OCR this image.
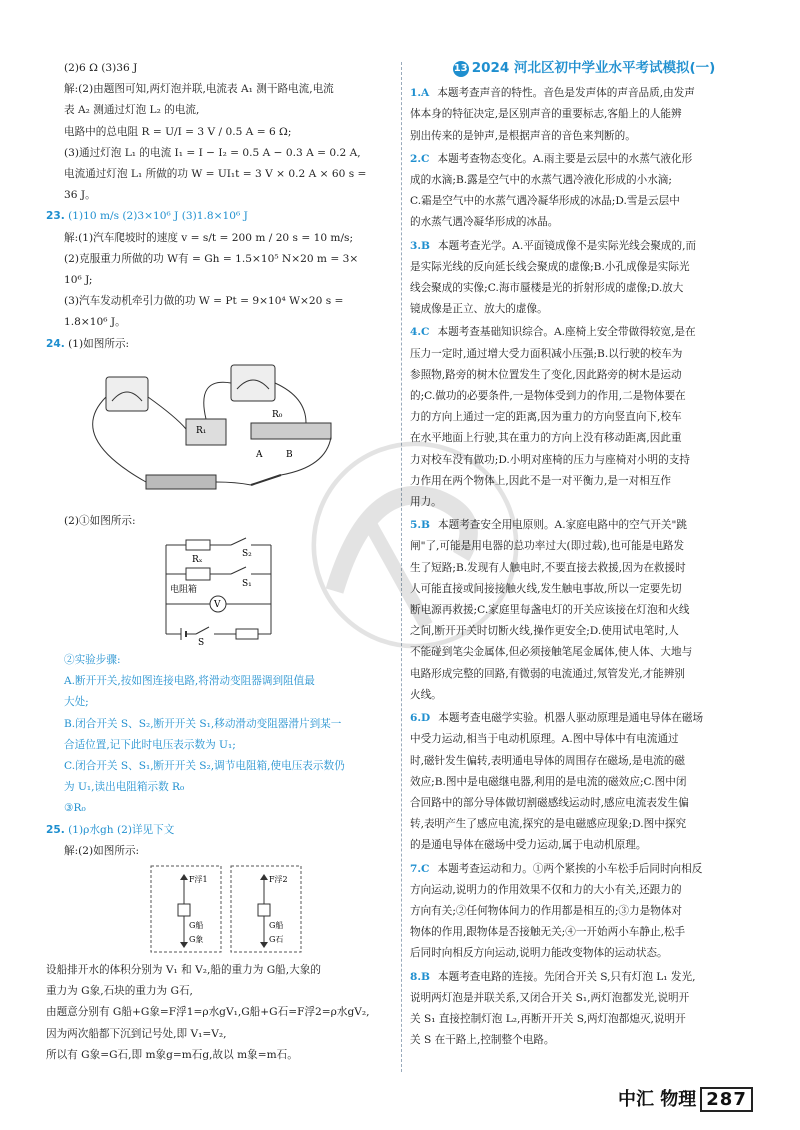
(2)6 Ω (3)36 J
解:(2)由题图可知,两灯泡并联,电流表 A₁ 测干路电流,电流
表 A₂ 测通过灯泡 L₂ 的电流,
电路中的总电阻 R = U/I = 3 V / 0.5 A = 6 Ω;
(3)通过灯泡 L₁ 的电流 I₁ = I − I₂ = 0.5 A − 0.3 A = 0.2 A,
电流通过灯泡 L₁ 所做的功 W = UI₁t = 3 V × 0.2 A × 60 s =
36 J。
23. (1)10 m/s (2)3×10⁶ J (3)1.8×10⁶ J
解:(1)汽车爬坡时的速度 v = s/t = 200 m / 20 s = 10 m/s;
(2)克服重力所做的功 W有 = Gh = 1.5×10⁵ N×20 m = 3×
10⁶ J;
(3)汽车发动机牵引力做的功 W = Pt = 9×10⁴ W×20 s =
1.8×10⁶ J。
24. (1)如图所示:
R₁
R₀
A	B
(2)①如图所示:
Rₓ
S₂
电阻箱
S₁
V
S
②实验步骤:
A.断开开关,按如图连接电路,将滑动变阻器调到阻值最
大处;
B.闭合开关 S、S₂,断开开关 S₁,移动滑动变阻器滑片到某一
合适位置,记下此时电压表示数为 U₁;
C.闭合开关 S、S₁,断开开关 S₂,调节电阻箱,使电压表示数仍
为 U₁,读出电阻箱示数 R₀
③R₀
25. (1)ρ水gh (2)详见下文
解:(2)如图所示:
F浮1	F浮2
G船
G象
G船
G石
设船排开水的体积分别为 V₁ 和 V₂,船的重力为 G船,大象的
重力为 G象,石块的重力为 G石,
由题意分别有 G船+G象=F浮1=ρ水gV₁,G船+G石=F浮2=ρ水gV₂,
因为两次船都下沉到记号处,即 V₁=V₂,
所以有 G象=G石,即 m象g=m石g,故以 m象=m石。
13 2024 河北区初中学业水平考试模拟(一)
1.A 本题考查声音的特性。音色是发声体的声音品质,由发声
体本身的特征决定,是区别声音的重要标志,客船上的人能辨
别出传来的是钟声,是根据声音的音色来判断的。
2.C 本题考查物态变化。A.雨主要是云层中的水蒸气液化形
成的水滴;B.露是空气中的水蒸气遇冷液化形成的小水滴;
C.霜是空气中的水蒸气遇冷凝华形成的冰晶;D.雪是云层中
的水蒸气遇冷凝华形成的冰晶。
3.B 本题考查光学。A.平面镜成像不是实际光线会聚成的,而
是实际光线的反向延长线会聚成的虚像;B.小孔成像是实际光
线会聚成的实像;C.海市蜃楼是光的折射形成的虚像;D.放大
镜成像是正立、放大的虚像。
4.C 本题考查基础知识综合。A.座椅上安全带做得较宽,是在
压力一定时,通过增大受力面积减小压强;B.以行驶的校车为
参照物,路旁的树木位置发生了变化,因此路旁的树木是运动
的;C.做功的必要条件,一是物体受到力的作用,二是物体要在
力的方向上通过一定的距离,因为重力的方向竖直向下,校车
在水平地面上行驶,其在重力的方向上没有移动距离,因此重
力对校车没有做功;D.小明对座椅的压力与座椅对小明的支持
力作用在两个物体上,因此不是一对平衡力,是一对相互作
用力。
5.B 本题考查安全用电原则。A.家庭电路中的空气开关"跳
闸"了,可能是用电器的总功率过大(即过载),也可能是电路发
生了短路;B.发现有人触电时,不要直接去救援,因为在救援时
人可能直接或间接接触火线,发生触电事故,所以一定要先切
断电源再救援;C.家庭里每盏电灯的开关应该接在灯泡和火线
之间,断开开关时切断火线,操作更安全;D.使用试电笔时,人
不能碰到笔尖金属体,但必须接触笔尾金属体,使人体、大地与
电路形成完整的回路,有微弱的电流通过,氖管发光,才能辨别
火线。
6.D 本题考查电磁学实验。机器人驱动原理是通电导体在磁场
中受力运动,相当于电动机原理。A.图中导体中有电流通过
时,磁针发生偏转,表明通电导体的周围存在磁场,是电流的磁
效应;B.图中是电磁继电器,利用的是电流的磁效应;C.图中闭
合回路中的部分导体做切割磁感线运动时,感应电流表发生偏
转,表明产生了感应电流,探究的是电磁感应现象;D.图中探究
的是通电导体在磁场中受力运动,属于电动机原理。
7.C 本题考查运动和力。①两个紧挨的小车松手后同时向相反
方向运动,说明力的作用效果不仅和力的大小有关,还跟力的
方向有关;②任何物体间力的作用都是相互的;③力是物体对
物体的作用,跟物体是否接触无关;④一开始两小车静止,松手
后同时向相反方向运动,说明力能改变物体的运动状态。
8.B 本题考查电路的连接。先闭合开关 S,只有灯泡 L₁ 发光,
说明两灯泡是并联关系,又闭合开关 S₁,两灯泡都发光,说明开
关 S₁ 直接控制灯泡 L₂,再断开开关 S,两灯泡都熄灭,说明开
关 S 在干路上,控制整个电路。
中汇 物理 287
